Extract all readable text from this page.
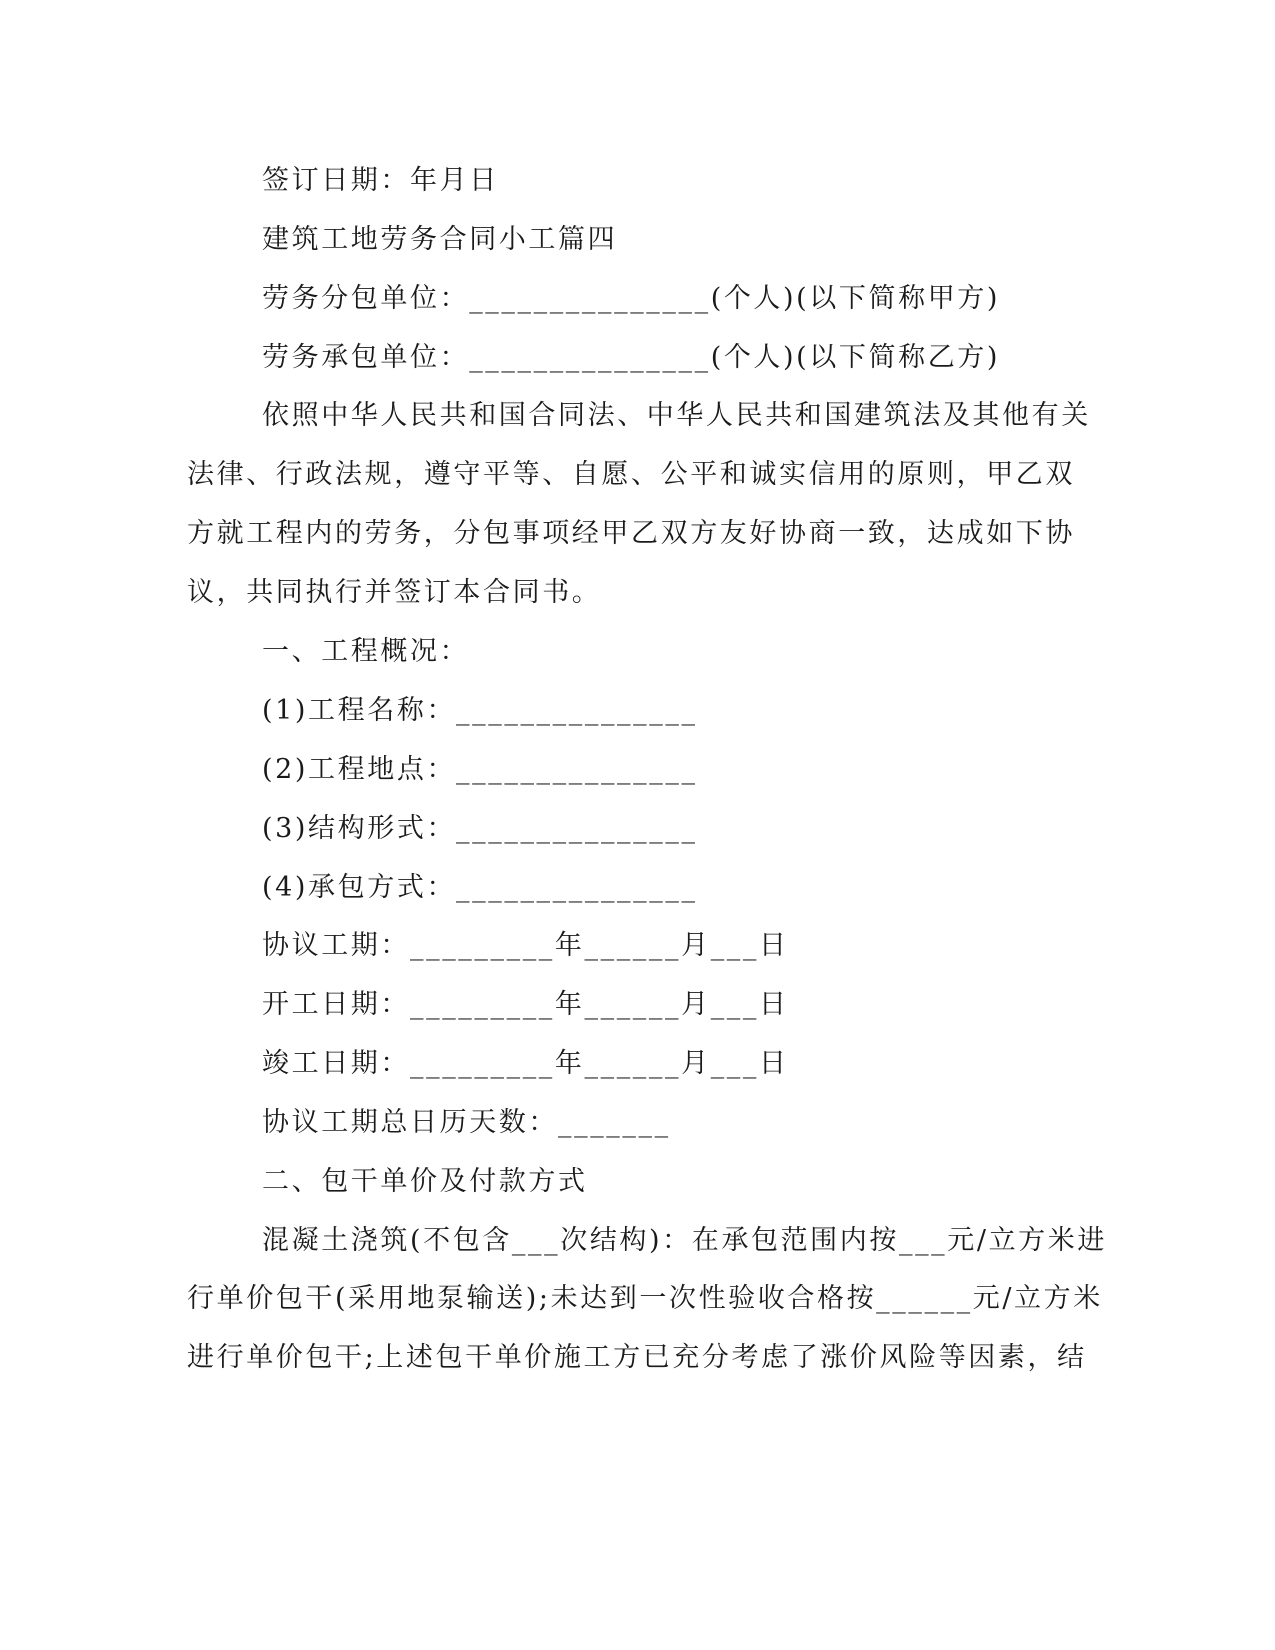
签订日期：年月日
建筑工地劳务合同小工篇四
劳务分包单位：_______________(个人)(以下简称甲方)
劳务承包单位：_______________(个人)(以下简称乙方)
依照中华人民共和国合同法、中华人民共和国建筑法及其他有关
法律、行政法规，遵守平等、自愿、公平和诚实信用的原则，甲乙双
方就工程内的劳务，分包事项经甲乙双方友好协商一致，达成如下协
议，共同执行并签订本合同书。
一、工程概况：
(1)工程名称：_______________
(2)工程地点：_______________
(3)结构形式：_______________
(4)承包方式：_______________
协议工期：_________年______月___日
开工日期：_________年______月___日
竣工日期：_________年______月___日
协议工期总日历天数：_______
二、包干单价及付款方式
混凝土浇筑(不包含___次结构)：在承包范围内按___元/立方米进
行单价包干(采用地泵输送);未达到一次性验收合格按______元/立方米
进行单价包干;上述包干单价施工方已充分考虑了涨价风险等因素，结
